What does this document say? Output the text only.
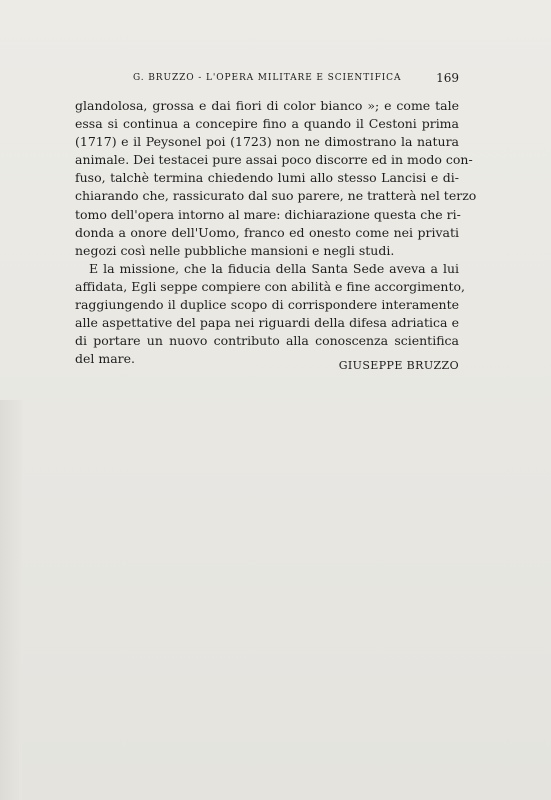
G. BRUZZO - L'OPERA MILITARE E SCIENTIFICA	169
glandolosa, grossa e dai fiori di color bianco »; e come tale
essa si continua a concepire fino a quando il Cestoni prima
(1717) e il Peysonel poi (1723) non ne dimostrano la natura
animale. Dei testacei pure assai poco discorre ed in modo con-
fuso, talchè termina chiedendo lumi allo stesso Lancisi e di-
chiarando che, rassicurato dal suo parere, ne tratterà nel terzo
tomo dell'opera intorno al mare: dichiarazione questa che ri-
donda a onore dell'Uomo, franco ed onesto come nei privati
negozi così nelle pubbliche mansioni e negli studi.
E la missione, che la fiducia della Santa Sede aveva a lui
affidata, Egli seppe compiere con abilità e fine accorgimento,
raggiungendo il duplice scopo di corrispondere interamente
alle aspettative del papa nei riguardi della difesa adriatica e
di portare un nuovo contributo alla conoscenza scientifica
del mare.	GIUSEPPE BRUZZO
